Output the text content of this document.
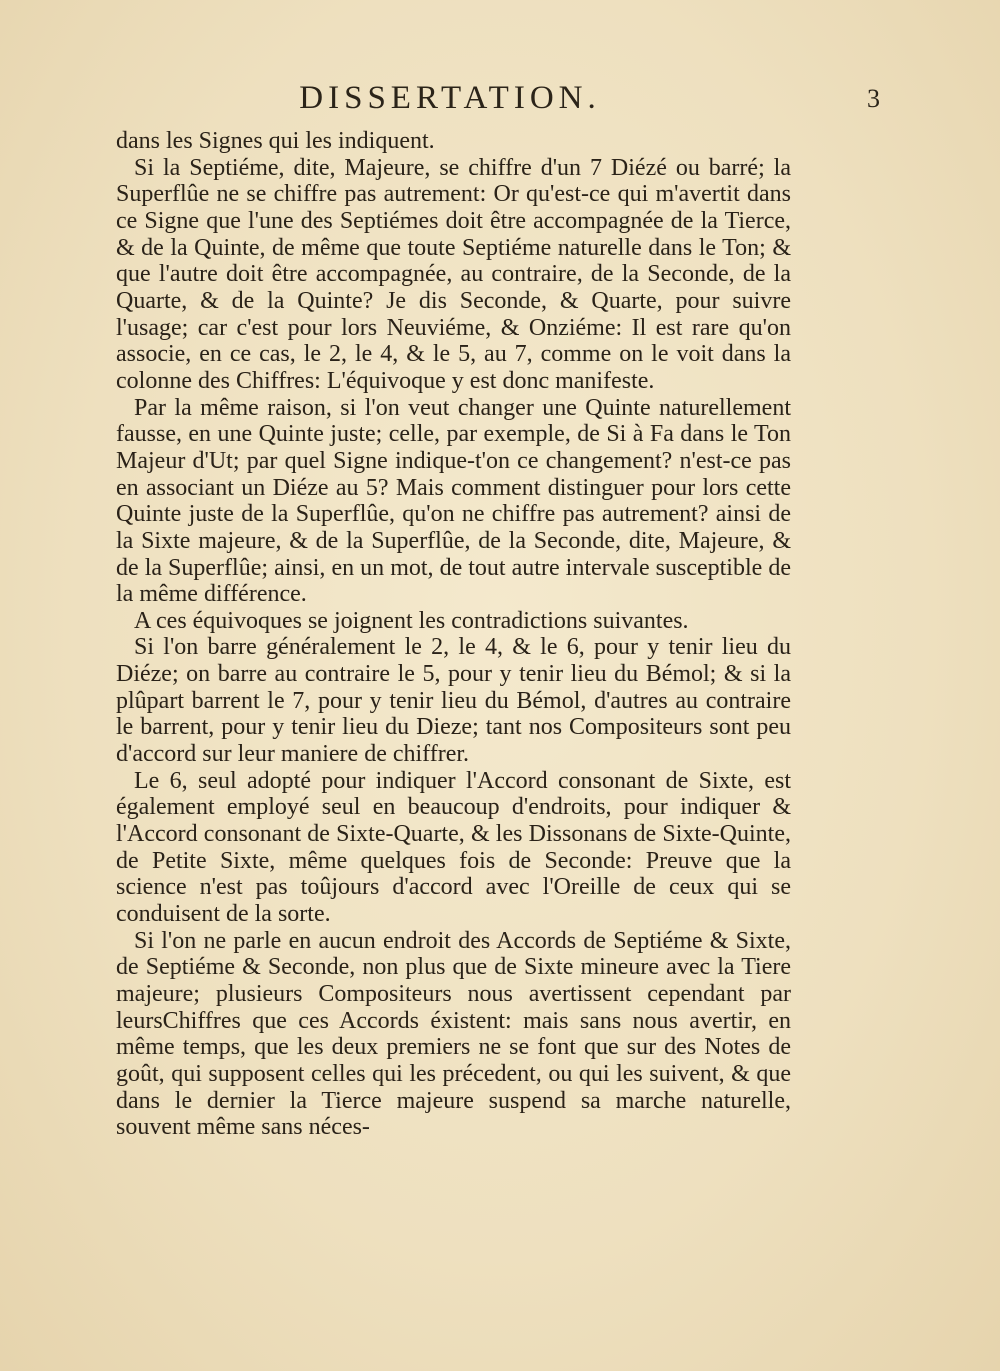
DISSERTATION.	3

dans les Signes qui les indiquent.

Si la Septiéme, dite, Majeure, se chiffre d'un 7 Diézé ou barré; la Superflûe ne se chiffre pas autrement: Or qu'est-ce qui m'avertit dans ce Signe que l'une des Septiémes doit être accompagnée de la Tierce, & de la Quinte, de même que toute Septiéme naturelle dans le Ton; & que l'autre doit être accompagnée, au contraire, de la Seconde, de la Quarte, & de la Quinte? Je dis Seconde, & Quarte, pour suivre l'usage; car c'est pour lors Neuviéme, & Onziéme: Il est rare qu'on associe, en ce cas, le 2, le 4, & le 5, au 7, comme on le voit dans la colonne des Chiffres: L'équivoque y est donc manifeste.

Par la même raison, si l'on veut changer une Quinte naturellement fausse, en une Quinte juste; celle, par exemple, de Si à Fa dans le Ton Majeur d'Ut; par quel Signe indique-t'on ce changement? n'est-ce pas en associant un Diéze au 5? Mais comment distinguer pour lors cette Quinte juste de la Superflûe, qu'on ne chiffre pas autrement? ainsi de la Sixte majeure, & de la Superflûe, de la Seconde, dite, Majeure, & de la Superflûe; ainsi, en un mot, de tout autre intervale susceptible de la même différence.

A ces équivoques se joignent les contradictions suivantes.

Si l'on barre généralement le 2, le 4, & le 6, pour y tenir lieu du Diéze; on barre au contraire le 5, pour y tenir lieu du Bémol; & si la plûpart barrent le 7, pour y tenir lieu du Bémol, d'autres au contraire le barrent, pour y tenir lieu du Dieze; tant nos Compositeurs sont peu d'accord sur leur maniere de chiffrer.

Le 6, seul adopté pour indiquer l'Accord consonant de Sixte, est également employé seul en beaucoup d'endroits, pour indiquer & l'Accord consonant de Sixte-Quarte, & les Dissonans de Sixte-Quinte, de Petite Sixte, même quelques fois de Seconde: Preuve que la science n'est pas toûjours d'accord avec l'Oreille de ceux qui se conduisent de la sorte.

Si l'on ne parle en aucun endroit des Accords de Septiéme & Sixte, de Septiéme & Seconde, non plus que de Sixte mineure avec la Tiere majeure; plusieurs Compositeurs nous avertissent cependant par leursChiffres que ces Accords éxistent: mais sans nous avertir, en même temps, que les deux premiers ne se font que sur des Notes de goût, qui supposent celles qui les précedent, ou qui les suivent, & que dans le dernier la Tierce majeure suspend sa marche naturelle, souvent même sans néces-
